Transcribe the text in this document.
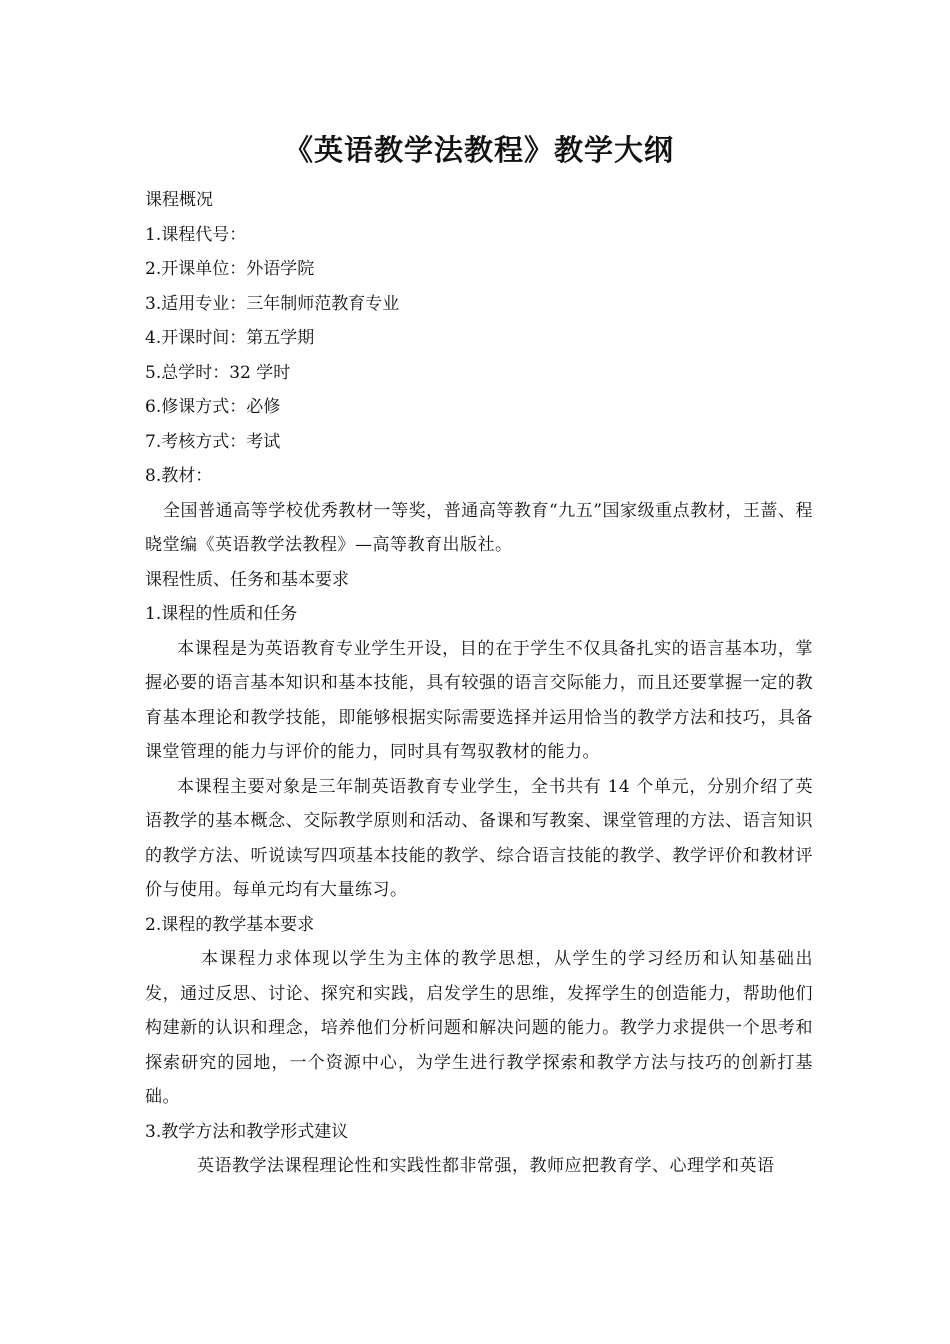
《英语教学法教程》教学大纲

课程概况

1.课程代号：

2.开课单位：外语学院

3.适用专业：三年制师范教育专业

4.开课时间：第五学期

5.总学时：32 学时

6.修课方式：必修

7.考核方式：考试

8.教材：

全国普通高等学校优秀教材一等奖，普通高等教育“九五”国家级重点教材，王蔷、程晓堂编《英语教学法教程》—高等教育出版社。

课程性质、任务和基本要求

1.课程的性质和任务

本课程是为英语教育专业学生开设，目的在于学生不仅具备扎实的语言基本功，掌握必要的语言基本知识和基本技能，具有较强的语言交际能力，而且还要掌握一定的教育基本理论和教学技能，即能够根据实际需要选择并运用恰当的教学方法和技巧，具备课堂管理的能力与评价的能力，同时具有驾驭教材的能力。

本课程主要对象是三年制英语教育专业学生，全书共有 14 个单元，分别介绍了英语教学的基本概念、交际教学原则和活动、备课和写教案、课堂管理的方法、语言知识的教学方法、听说读写四项基本技能的教学、综合语言技能的教学、教学评价和教材评价与使用。每单元均有大量练习。

2.课程的教学基本要求

本课程力求体现以学生为主体的教学思想，从学生的学习经历和认知基础出发，通过反思、讨论、探究和实践，启发学生的思维，发挥学生的创造能力，帮助他们构建新的认识和理念，培养他们分析问题和解决问题的能力。教学力求提供一个思考和探索研究的园地，一个资源中心，为学生进行教学探索和教学方法与技巧的创新打基础。

3.教学方法和教学形式建议

英语教学法课程理论性和实践性都非常强，教师应把教育学、心理学和英语
